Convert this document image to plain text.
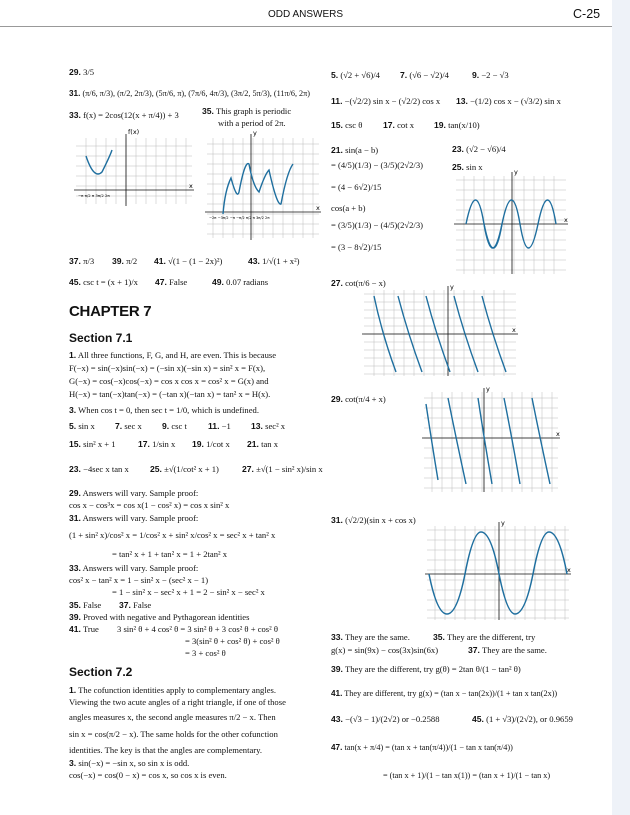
ODD ANSWERS	C-25
29. 3/5
31. (π/6, π/3), (π/2, 2π/3), (5π/6, π), (7π/6, 4π/3), (3π/2, 5π/3), (11π/6, 2π)
33. f(x) = 2cos(12(x + π/4)) + 3	35. This graph is periodic
with a period of 2π.
f(x)
x
−π π/2 π 3π/2 2π
y
x
−2π −3π/2 −π −π/2 π/2 π 3π/2 2π
37. π/3 39. π/2 41. √(1 − (1 − 2x)²)	43. 1/√(1 + x²)
45. csc t = (x + 1)/x 47. False	49. 0.07 radians
CHAPTER 7
Section 7.1
1. All three functions, F, G, and H, are even. This is because
F(−x) = sin(−x)sin(−x) = (−sin x)(−sin x) = sin² x = F(x),
G(−x) = cos(−x)cos(−x) = cos x cos x = cos² x = G(x) and
H(−x) = tan(−x)tan(−x) = (−tan x)(−tan x) = tan² x = H(x).
3. When cos t = 0, then sec t = 1/0, which is undefined.
5. sin x 7. sec x 9. csc t 11. −1 13. sec² x
15. sin² x + 1	17. 1/sin x 19. 1/cot x 21. tan x
23. −4sec x tan x 25. ±√(1/cot² x + 1)	27. ±√(1 − sin² x)/sin x
29. Answers will vary. Sample proof:
cos x − cos³x = cos x(1 − cos² x) = cos x sin² x
31. Answers will vary. Sample proof:
(1 + sin² x)/cos² x = 1/cos² x + sin² x/cos² x = sec² x + tan² x
= tan² x + 1 + tan² x = 1 + 2tan² x
33. Answers will vary. Sample proof:
cos² x − tan² x = 1 − sin² x − (sec² x − 1)
= 1 − sin² x − sec² x + 1 = 2 − sin² x − sec² x
35. False 37. False
39. Proved with negative and Pythagorean identities
41. True 3 sin² θ + 4 cos² θ = 3 sin² θ + 3 cos² θ + cos² θ
= 3(sin² θ + cos² θ) + cos² θ
= 3 + cos² θ
Section 7.2
1. The cofunction identities apply to complementary angles.
Viewing the two acute angles of a right triangle, if one of those
angles measures x, the second angle measures π/2 − x. Then
sin x = cos(π/2 − x). The same holds for the other cofunction
identities. The key is that the angles are complementary.
3. sin(−x) = −sin x, so sin x is odd.
cos(−x) = cos(0 − x) = cos x, so cos x is even.
5. (√2 + √6)/4 7. (√6 − √2)/4	9. −2 − √3
11. −(√2/2) sin x − (√2/2) cos x 13. −(1/2) cos x − (√3/2) sin x
15. csc θ 17. cot x 19. tan(x/10)
21. sin(a − b)
= (4/5)(1/3) − (3/5)(2√2/3)
= (4 − 6√2)/15
cos(a + b)
= (3/5)(1/3) − (4/5)(2√2/3)
= (3 − 8√2)/15
23. (√2 − √6)/4
25. sin x	y
x
27. cot(π/6 − x)	y
x
29. cot(π/4 + x)
y
x
31. (√2/2)(sin x + cos x)	y
x
33. They are the same.	35. They are the different, try
g(x) = sin(9x) − cos(3x)sin(6x)	37. They are the same.
39. They are the different, try g(θ) = 2tan θ/(1 − tan² θ)
41. They are different, try g(x) = (tan x − tan(2x))/(1 + tan x tan(2x))
43. −(√3 − 1)/(2√2) or −0.2588	45. (1 + √3)/(2√2), or 0.9659
47. tan(x + π/4) = (tan x + tan(π/4))/(1 − tan x tan(π/4))
= (tan x + 1)/(1 − tan x(1)) = (tan x + 1)/(1 − tan x)
